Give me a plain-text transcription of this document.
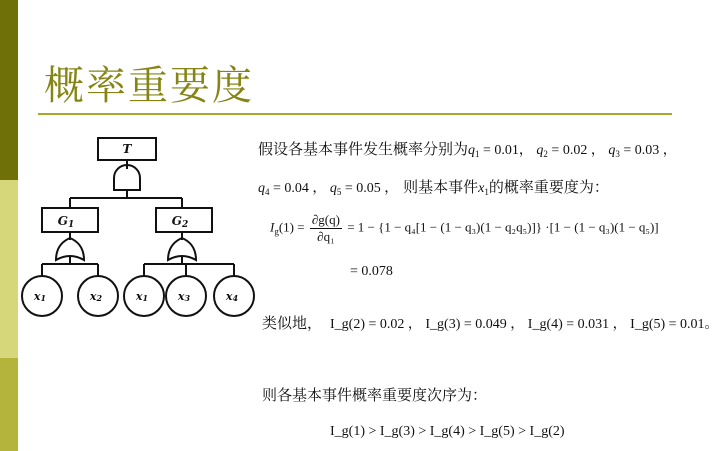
概率重要度
T
G1	G2
x1	x2	x1	x3	x4
假设各基本事件发生概率分别为$q_1 = 0.01$， $q_2 = 0.02$ ， $q_3 = 0.03$ ，
$q_4 = 0.04$ ， $q_5 = 0.05$ ， 则基本事件$x_1$的概率重要度为：
$I_g(1) = \frac{\partial g(q)}{\text{∂q₁}} = 1 - \{1 - q_4[1 - (1 - q_3)(1 - q_2q_5)]\} \cdot[1 - (1 - q_3)(1 - q_5)]$
= 0.078
类似地， I_g(2) = 0.02 ， I_g(3) = 0.049 ， I_g(4) = 0.031 ， I_g(5) = 0.01。
则各基本事件概率重要度次序为：
I_g(1) > I_g(3) > I_g(4) > I_g(5) > I_g(2)
